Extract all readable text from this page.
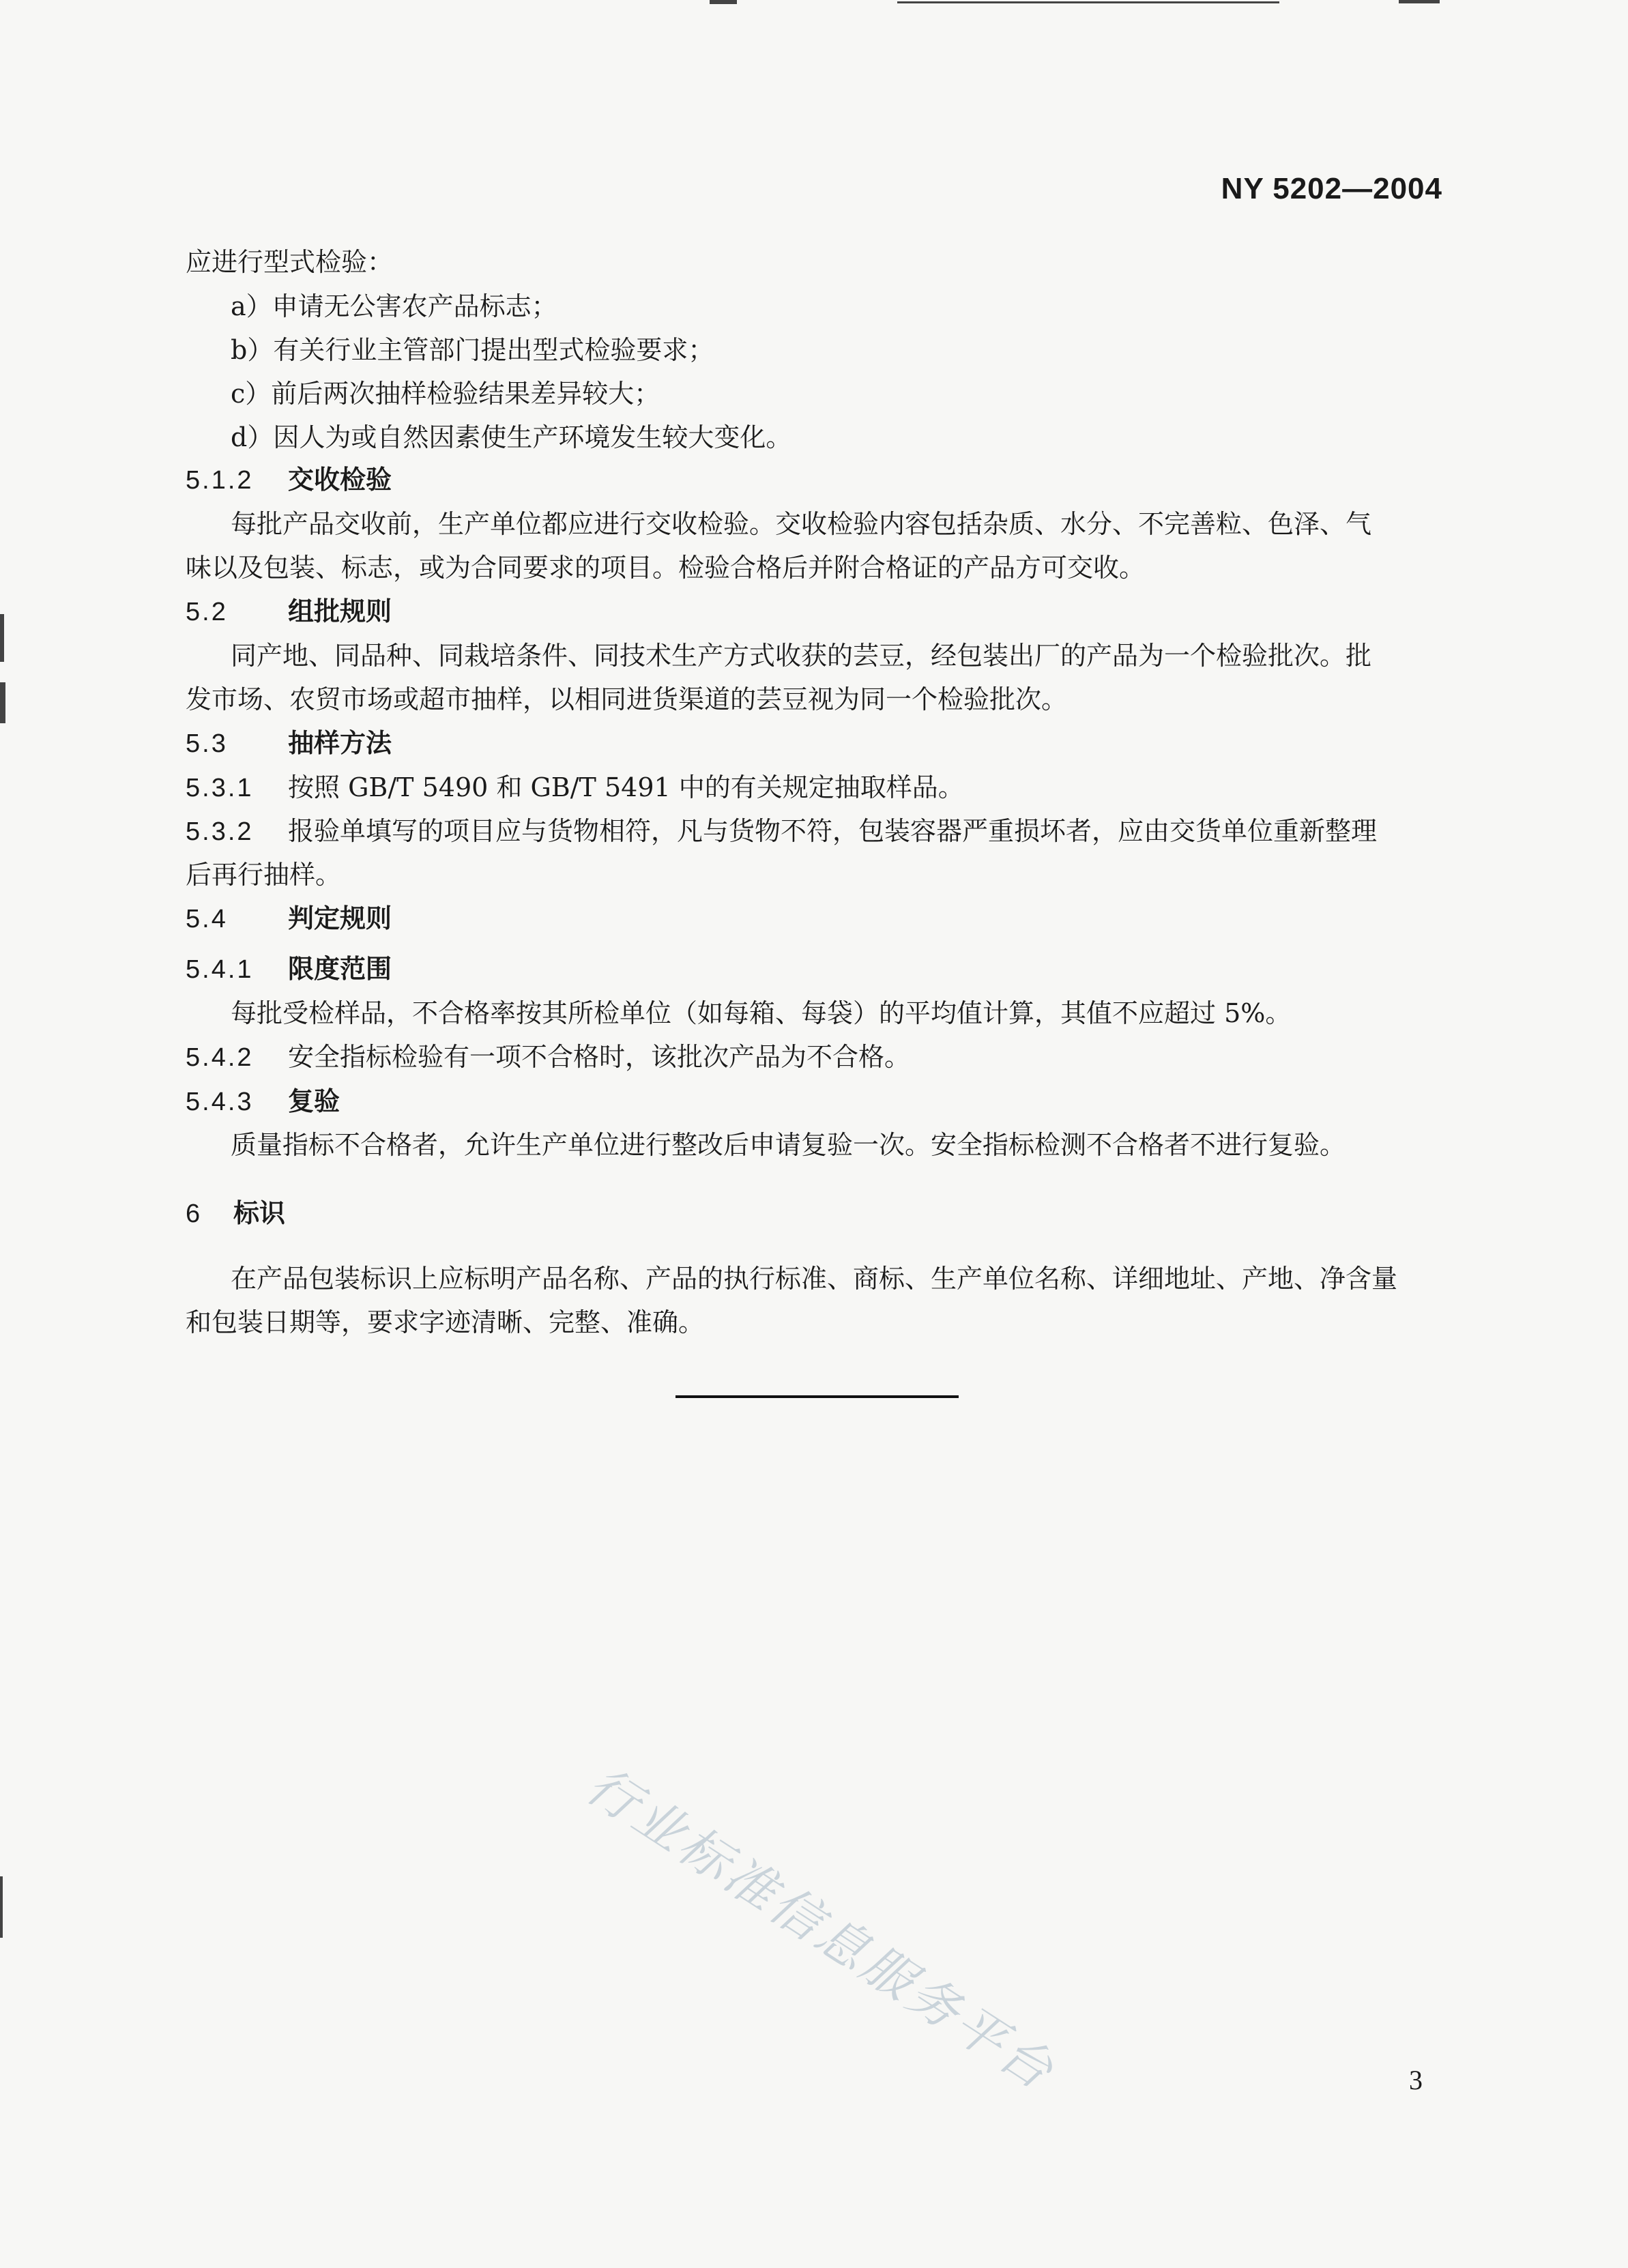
NY 5202—2004
应进行型式检验：
a）申请无公害农产品标志；
b）有关行业主管部门提出型式检验要求；
c）前后两次抽样检验结果差异较大；
d）因人为或自然因素使生产环境发生较大变化。
5.1.2 交收检验
每批产品交收前，生产单位都应进行交收检验。交收检验内容包括杂质、水分、不完善粒、色泽、气
味以及包装、标志，或为合同要求的项目。检验合格后并附合格证的产品方可交收。
5.2 组批规则
同产地、同品种、同栽培条件、同技术生产方式收获的芸豆，经包装出厂的产品为一个检验批次。批
发市场、农贸市场或超市抽样，以相同进货渠道的芸豆视为同一个检验批次。
5.3 抽样方法
5.3.1 按照 GB/T 5490 和 GB/T 5491 中的有关规定抽取样品。
5.3.2 报验单填写的项目应与货物相符，凡与货物不符，包装容器严重损坏者，应由交货单位重新整理
后再行抽样。
5.4 判定规则
5.4.1 限度范围
每批受检样品，不合格率按其所检单位（如每箱、每袋）的平均值计算，其值不应超过 5%。
5.4.2 安全指标检验有一项不合格时，该批次产品为不合格。
5.4.3 复验
质量指标不合格者，允许生产单位进行整改后申请复验一次。安全指标检测不合格者不进行复验。
6 标识
在产品包装标识上应标明产品名称、产品的执行标准、商标、生产单位名称、详细地址、产地、净含量
和包装日期等，要求字迹清晰、完整、准确。
行业标准信息服务平台	3
